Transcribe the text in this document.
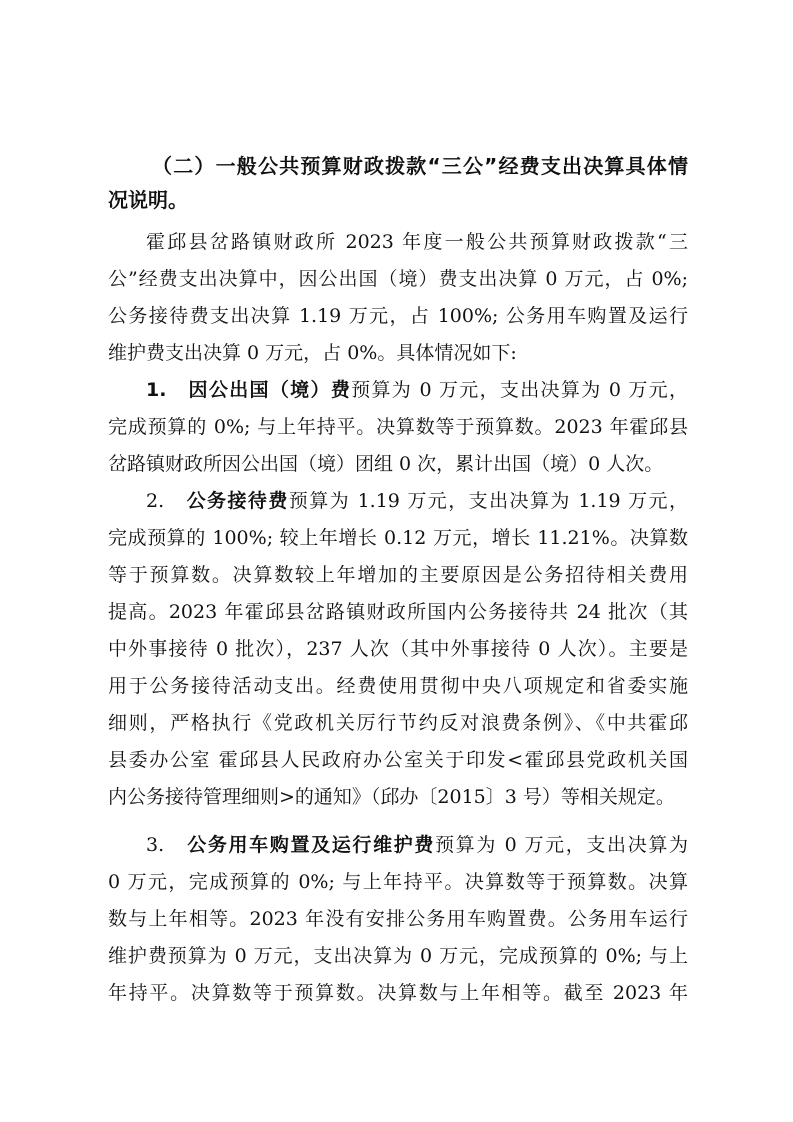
（二）一般公共预算财政拨款“三公”经费支出决算具体情
况说明。
霍邱县岔路镇财政所 2023 年度一般公共预算财政拨款“三
公”经费支出决算中，因公出国（境）费支出决算 0 万元，占 0%;
公务接待费支出决算 1.19 万元，占 100%; 公务用车购置及运行
维护费支出决算 0 万元，占 0%。具体情况如下:
1. 因公出国（境）费预算为 0 万元，支出决算为 0 万元，
完成预算的 0%; 与上年持平。决算数等于预算数。2023 年霍邱县
岔路镇财政所因公出国（境）团组 0 次，累计出国（境）0 人次。
2. 公务接待费预算为 1.19 万元，支出决算为 1.19 万元，
完成预算的 100%; 较上年增长 0.12 万元，增长 11.21%。决算数
等于预算数。决算数较上年增加的主要原因是公务招待相关费用
提高。2023 年霍邱县岔路镇财政所国内公务接待共 24 批次（其
中外事接待 0 批次），237 人次（其中外事接待 0 人次）。主要是
用于公务接待活动支出。经费使用贯彻中央八项规定和省委实施
细则，严格执行《党政机关厉行节约反对浪费条例》、《中共霍邱
县委办公室 霍邱县人民政府办公室关于印发<霍邱县党政机关国
内公务接待管理细则>的通知》（邱办〔2015〕3 号）等相关规定。
3. 公务用车购置及运行维护费预算为 0 万元，支出决算为
0 万元，完成预算的 0%; 与上年持平。决算数等于预算数。决算
数与上年相等。2023 年没有安排公务用车购置费。公务用车运行
维护费预算为 0 万元，支出决算为 0 万元，完成预算的 0%; 与上
年持平。决算数等于预算数。决算数与上年相等。截至 2023 年
